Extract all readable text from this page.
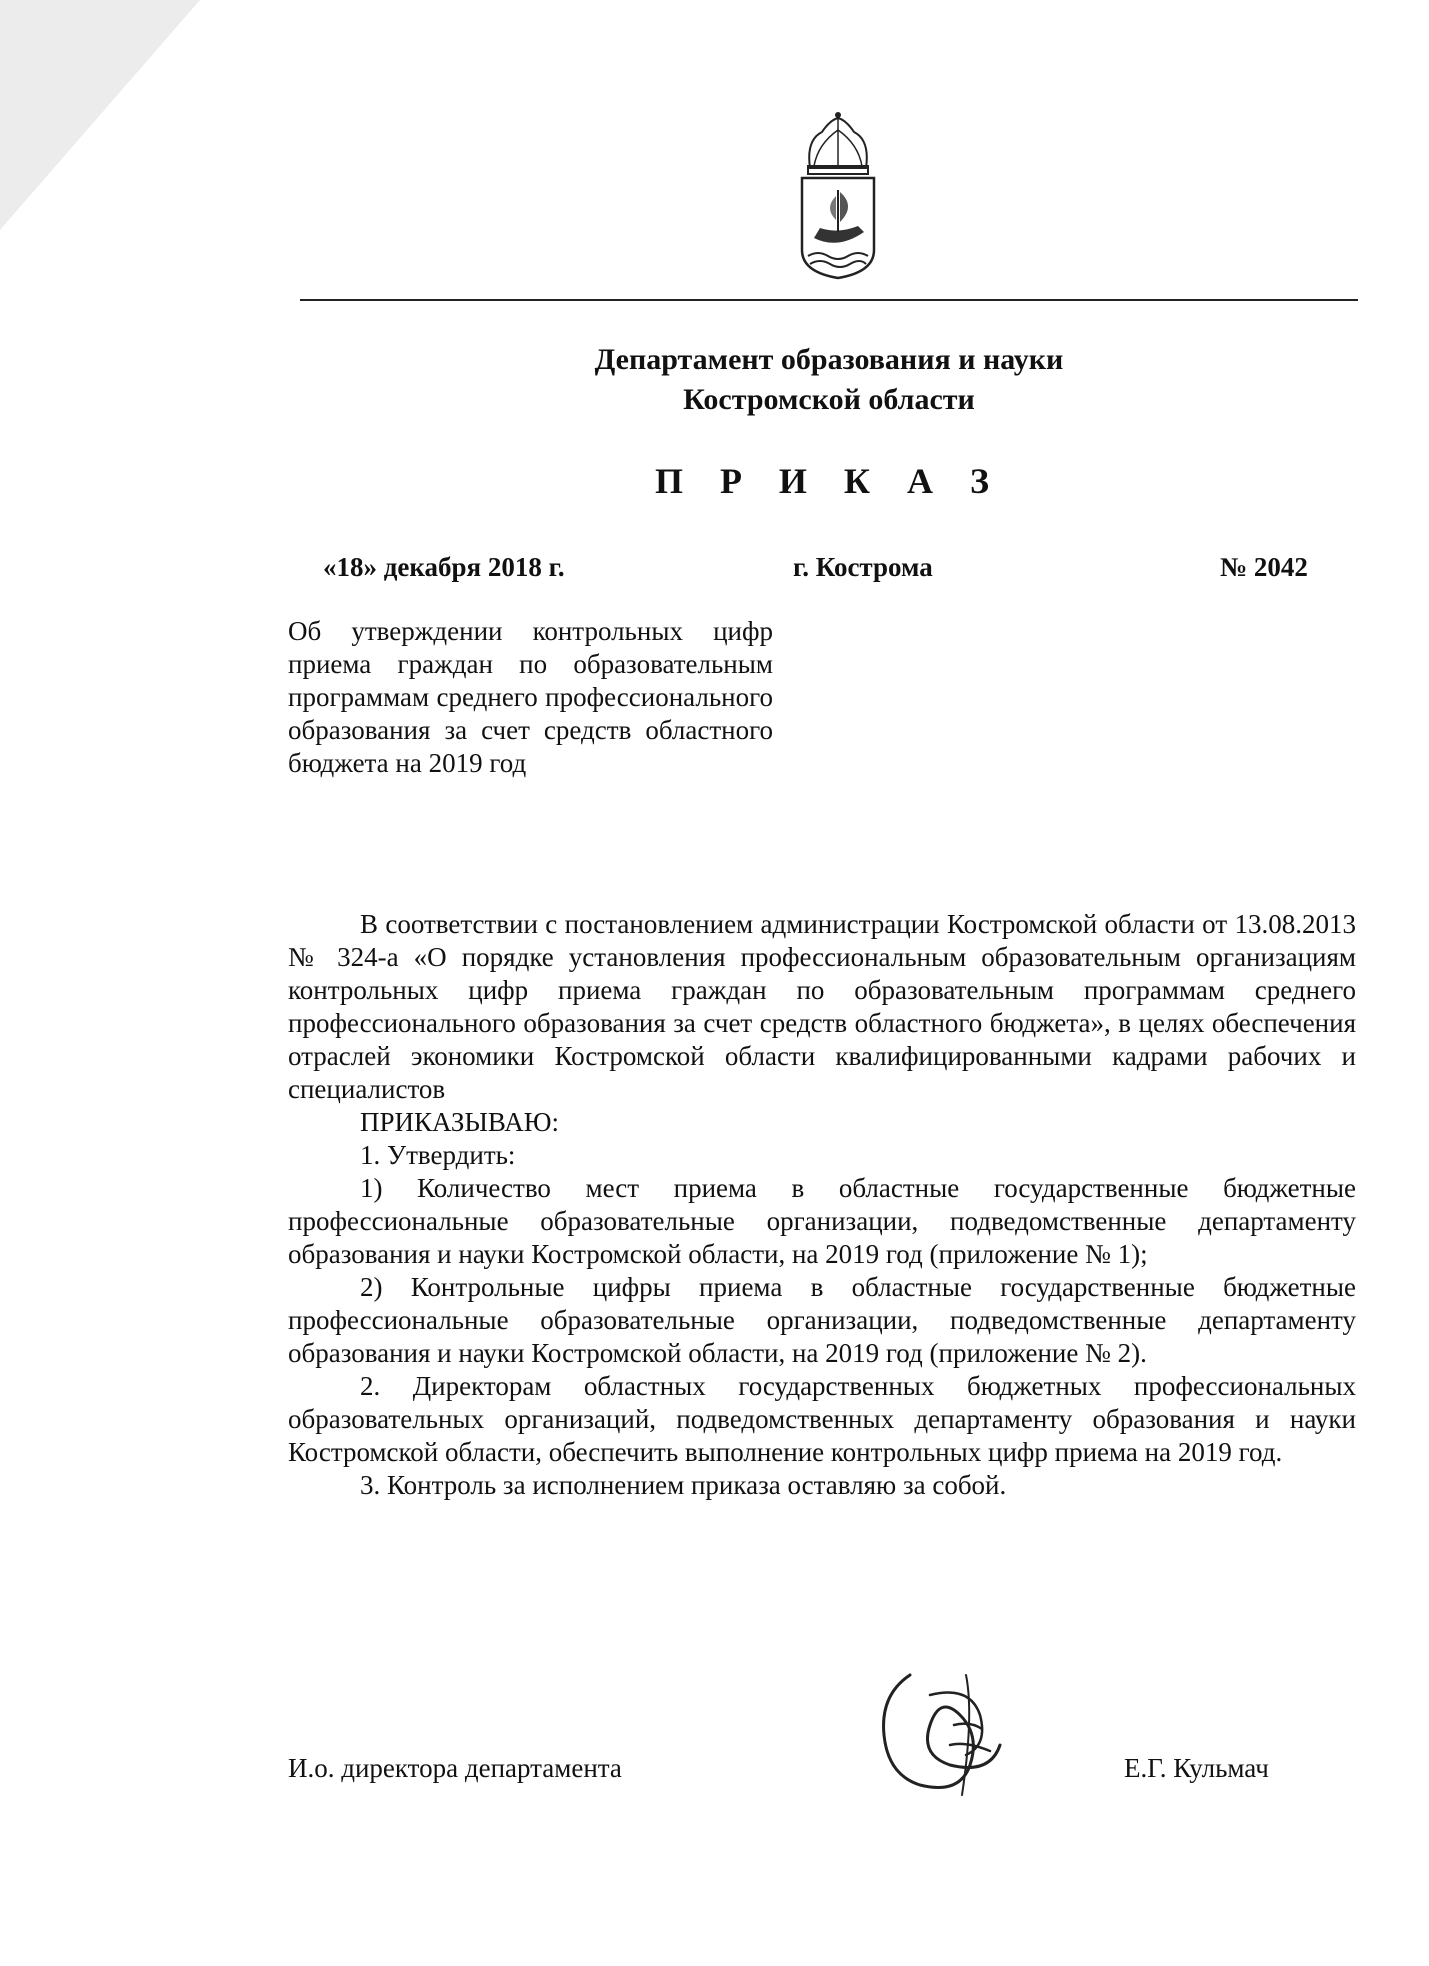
Департамент образования и науки
Костромской области
П Р И К А З
«18» декабря 2018 г.	г. Кострома	№ 2042
Об утверждении контрольных цифр приема граждан по образовательным программам среднего профессионального образования за счет средств областного бюджета на 2019 год

В соответствии с постановлением администрации Костромской области от 13.08.2013 № 324-а «О порядке установления профессиональным образовательным организациям контрольных цифр приема граждан по образовательным программам среднего профессионального образования за счет средств областного бюджета», в целях обеспечения отраслей экономики Костромской области квалифицированными кадрами рабочих и специалистов

ПРИКАЗЫВАЮ:

1. Утвердить:

1) Количество мест приема в областные государственные бюджетные профессиональные образовательные организации, подведомственные департаменту образования и науки Костромской области, на 2019 год (приложение № 1);

2) Контрольные цифры приема в областные государственные бюджетные профессиональные образовательные организации, подведомственные департаменту образования и науки Костромской области, на 2019 год (приложение № 2).

2. Директорам областных государственных бюджетных профессиональных образовательных организаций, подведомственных департаменту образования и науки Костромской области, обеспечить выполнение контрольных цифр приема на 2019 год.

3. Контроль за исполнением приказа оставляю за собой.

И.о. директора департамента	Е.Г. Кульмач
